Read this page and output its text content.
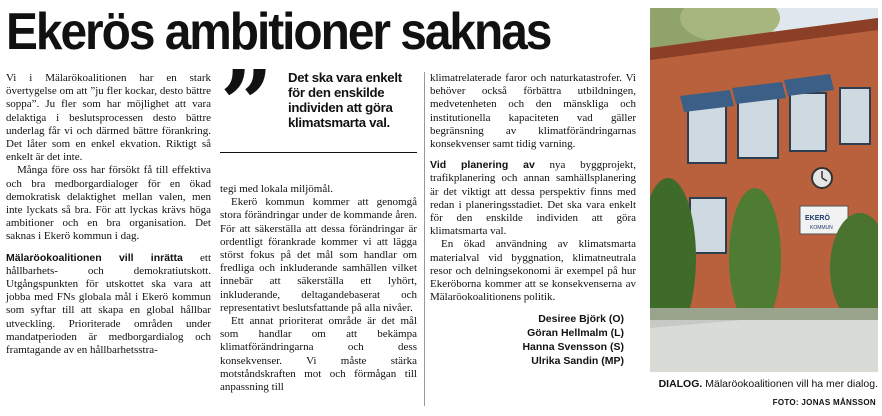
Ekerös ambitioner saknas

Vi i Mälarökoalitionen har en stark övertygelse om att ”ju fler kockar, desto bättre soppa”. Ju fler som har möjlighet att vara delaktiga i beslutsprocessen desto bättre underlag får vi och därmed bättre förankring. Det låter som en enkel ekvation. Riktigt så enkelt är det inte.

Många före oss har försökt få till effektiva och bra medborgardialoger för en ökad demokratisk delaktighet mellan valen, men inte lyckats så bra. För att lyckas krävs höga ambitioner och en bra organisation. Det saknas i Ekerö kommun i dag.

Mälaröokoalitionen vill inrätta ett hållbarhets- och demokratiutskott. Utgångspunkten för utskottet ska vara att jobba med FNs globala mål i Ekerö kommun som syftar till att skapa en global hållbar utveckling. Prioriterade områden under mandatperioden är medborgardialog och framtagande av en hållbarhetsstra-

” Det ska vara enkelt för den enskilde individen att göra klimatsmarta val.

tegi med lokala miljömål.

Ekerö kommun kommer att genomgå stora förändringar under de kommande åren. För att säkerställa att dessa förändringar är ordentligt förankrade kommer vi att lägga störst fokus på det mål som handlar om fredliga och inkluderande samhällen vilket innebär att säkerställa ett lyhört, inkluderande, deltagandebaserat och representativt beslutsfattande på alla nivåer.

Ett annat prioriterat område är det mål som handlar om att bekämpa klimatförändringarna och dess konsekvenser. Vi måste stärka motståndskraften mot och förmågan till anpassning till

klimatrelaterade faror och naturkatastrofer. Vi behöver också förbättra utbildningen, medvetenheten och den mänskliga och institutionella kapaciteten vad gäller begränsning av klimatförändringarnas konsekvenser samt tidig varning.

Vid planering av nya byggprojekt, trafikplanering och annan samhällsplanering är det viktigt att dessa perspektiv finns med redan i planeringsstadiet. Det ska vara enkelt för den enskilde individen att göra klimatsmarta val.

En ökad användning av klimatsmarta materialval vid byggnation, klimatneutrala resor och delningsekonomi är exempel på hur Ekeröborna kommer att se konsekvenserna av Mälaröokoalitionens politik.

Desiree Björk (O)
Göran Hellmalm (L)
Hanna Svensson (S)
Ulrika Sandin (MP)
EKERÖ
KOMMUN
DIALOG. Mälaröokoalitionen vill ha mer dialog.
FOTO: JONAS MÅNSSON
